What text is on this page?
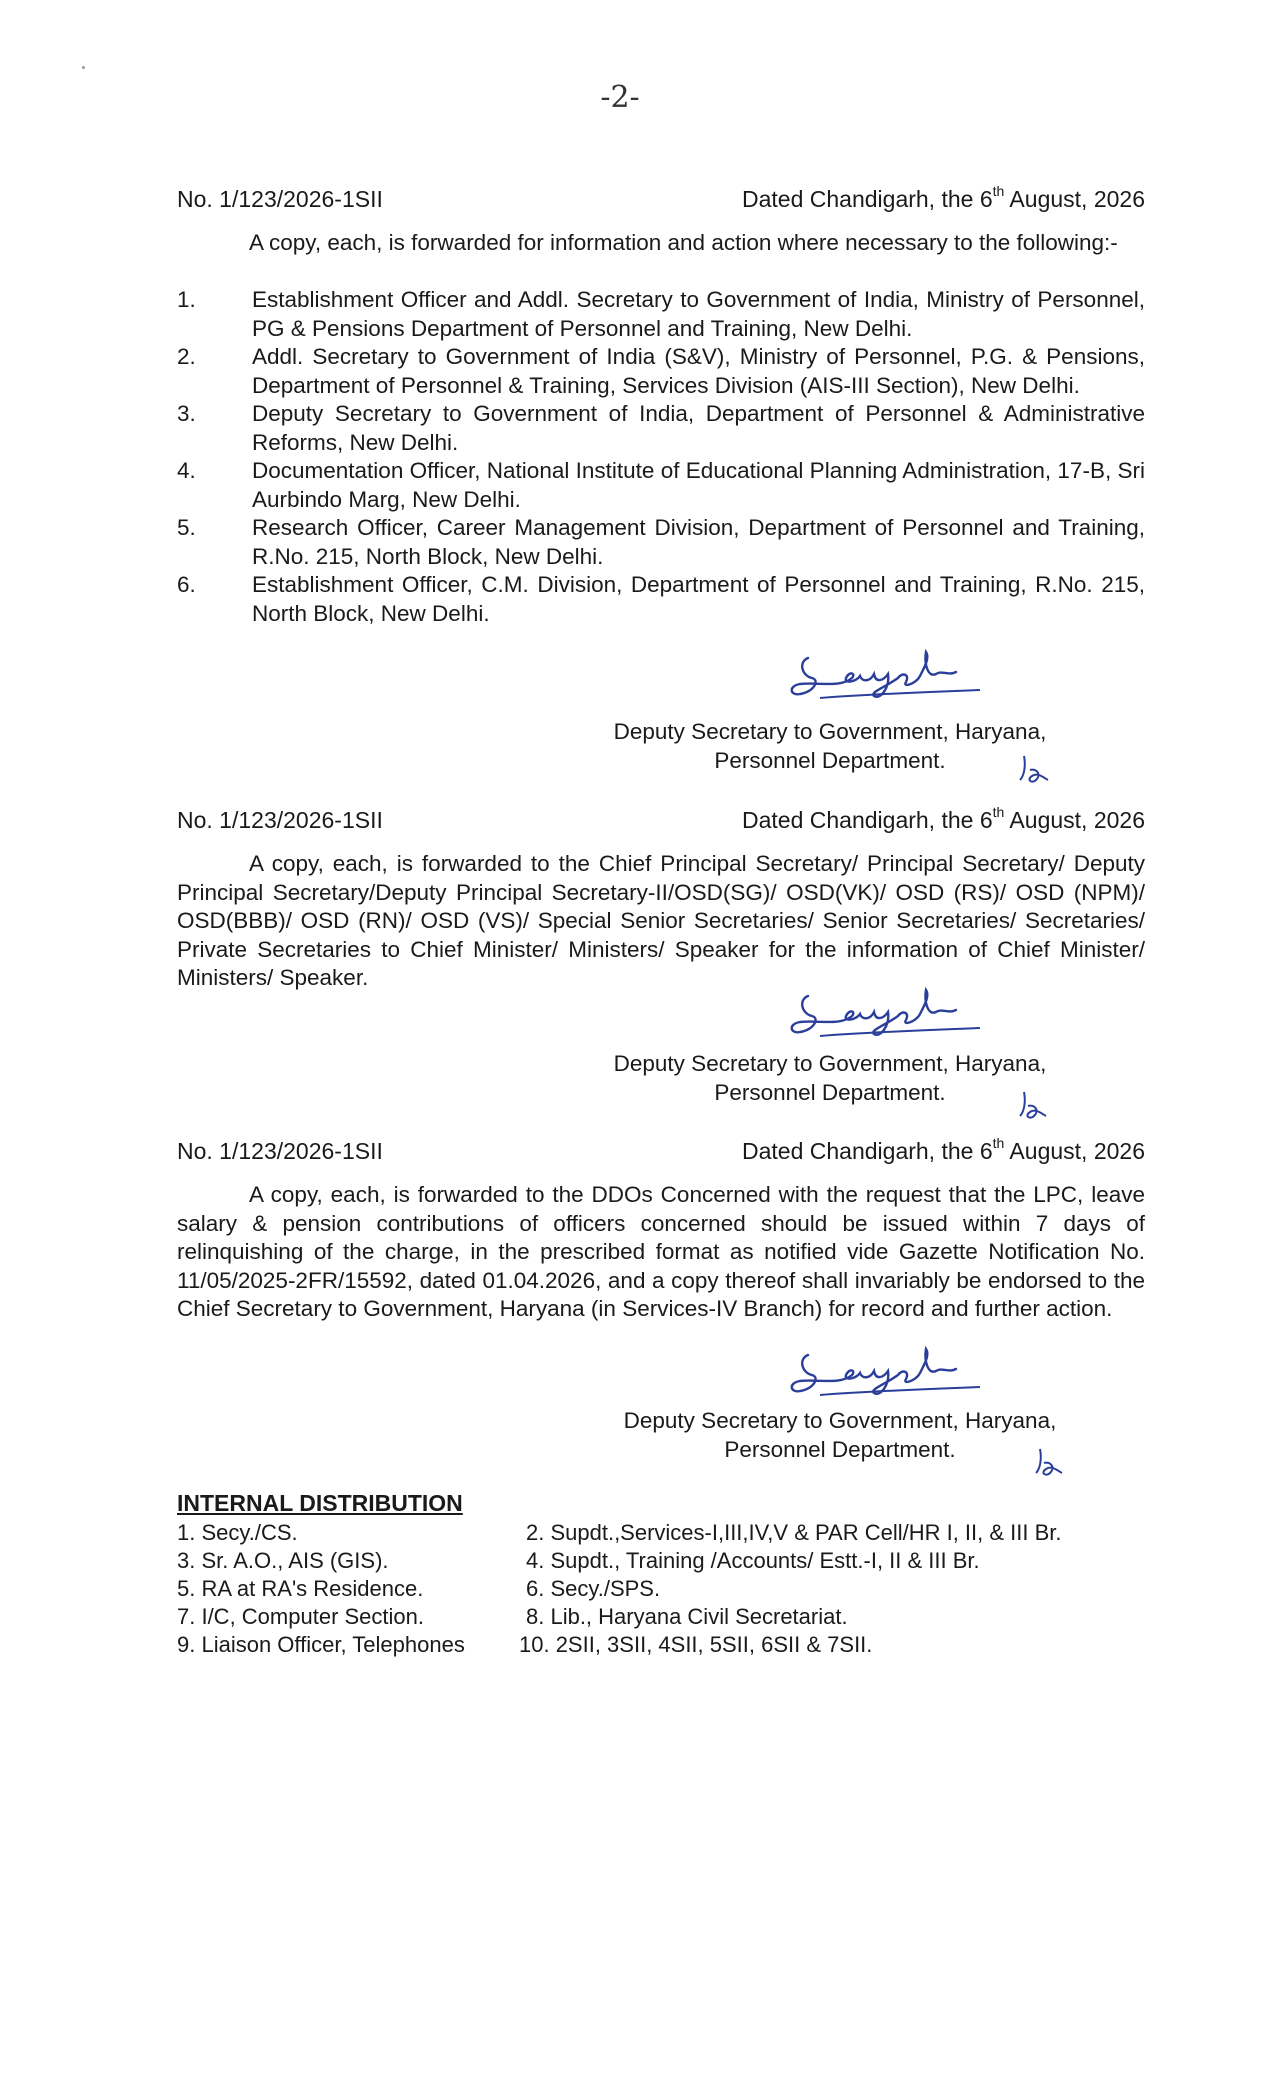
-2-
No. 1/123/2026-1SII	Dated Chandigarh, the 6th August, 2026

A copy, each, is forwarded for information and action where necessary to the following:-

1. Establishment Officer and Addl. Secretary to Government of India, Ministry of Personnel, PG & Pensions Department of Personnel and Training, New Delhi.
2. Addl. Secretary to Government of India (S&V), Ministry of Personnel, P.G. & Pensions, Department of Personnel & Training, Services Division (AIS-III Section), New Delhi.
3. Deputy Secretary to Government of India, Department of Personnel & Administrative Reforms, New Delhi.
4. Documentation Officer, National Institute of Educational Planning Administration, 17-B, Sri Aurbindo Marg, New Delhi.
5. Research Officer, Career Management Division, Department of Personnel and Training, R.No. 215, North Block, New Delhi.
6. Establishment Officer, C.M. Division, Department of Personnel and Training, R.No. 215, North Block, New Delhi.
Deputy Secretary to Government, Haryana,
Personnel Department.
No. 1/123/2026-1SII	Dated Chandigarh, the 6th August, 2026

A copy, each, is forwarded to the Chief Principal Secretary/ Principal Secretary/ Deputy Principal Secretary/Deputy Principal Secretary-II/OSD(SG)/ OSD(VK)/ OSD (RS)/ OSD (NPM)/ OSD(BBB)/ OSD (RN)/ OSD (VS)/ Special Senior Secretaries/ Senior Secretaries/ Secretaries/ Private Secretaries to Chief Minister/ Ministers/ Speaker for the information of Chief Minister/ Ministers/ Speaker.

Deputy Secretary to Government, Haryana,
Personnel Department.
No. 1/123/2026-1SII	Dated Chandigarh, the 6th August, 2026

A copy, each, is forwarded to the DDOs Concerned with the request that the LPC, leave salary & pension contributions of officers concerned should be issued within 7 days of relinquishing of the charge, in the prescribed format as notified vide Gazette Notification No. 11/05/2025-2FR/15592, dated 01.04.2026, and a copy thereof shall invariably be endorsed to the Chief Secretary to Government, Haryana (in Services-IV Branch) for record and further action.

Deputy Secretary to Government, Haryana,
Personnel Department.
INTERNAL DISTRIBUTION
1. Secy./CS.	2. Supdt.,Services-I,III,IV,V & PAR Cell/HR I, II, & III Br.
3. Sr. A.O., AIS (GIS).	4. Supdt., Training /Accounts/ Estt.-I, II & III Br.
5. RA at RA's Residence.	6. Secy./SPS.
7. I/C, Computer Section.	8. Lib., Haryana Civil Secretariat.
9. Liaison Officer, Telephones 10. 2SII, 3SII, 4SII, 5SII, 6SII & 7SII.
